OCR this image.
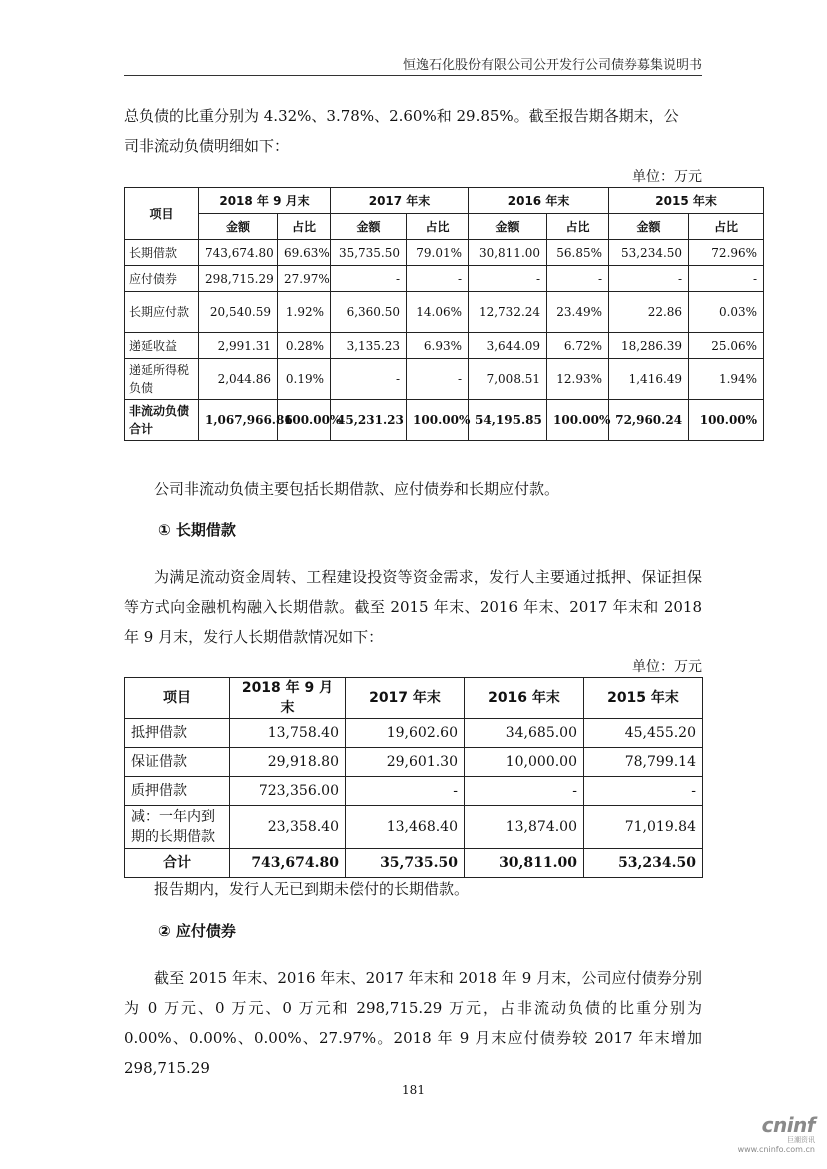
恒逸石化股份有限公司公开发行公司债券募集说明书

总负债的比重分别为 4.32%、3.78%、2.60%和 29.85%。截至报告期各期末，公

司非流动负债明细如下：

单位：万元
项目	2018 年 9 月末		2017 年末		2016 年末		2015 年末	
	金额	占比	金额	占比	金额	占比	金额	占比
长期借款	743,674.80	69.63%	35,735.50	79.01%	30,811.00	56.85%	53,234.50	72.96%
应付债券	298,715.29	27.97%	-	-	-	-	-	-
长期应付款	20,540.59	1.92%	6,360.50	14.06%	12,732.24	23.49%	22.86	0.03%
递延收益	2,991.31	0.28%	3,135.23	6.93%	3,644.09	6.72%	18,286.39	25.06%
递延所得税负债	2,044.86	0.19%	-	-	7,008.51	12.93%	1,416.49	1.94%
非流动负债合计	1,067,966.86	100.00%	45,231.23	100.00%	54,195.85	100.00%	72,960.24	100.00%

公司非流动负债主要包括长期借款、应付债券和长期应付款。

① 长期借款

为满足流动资金周转、工程建设投资等资金需求，发行人主要通过抵押、保证担保等方式向金融机构融入长期借款。截至 2015 年末、2016 年末、2017 年末和 2018 年 9 月末，发行人长期借款情况如下：

单位：万元
项目	2018 年 9 月末	2017 年末	2016 年末	2015 年末
抵押借款	13,758.40	19,602.60	34,685.00	45,455.20
保证借款	29,918.80	29,601.30	10,000.00	78,799.14
质押借款	723,356.00	-	-	-
减：一年内到期的长期借款	23,358.40	13,468.40	13,874.00	71,019.84
合计	743,674.80	35,735.50	30,811.00	53,234.50

报告期内，发行人无已到期未偿付的长期借款。

② 应付债券

截至 2015 年末、2016 年末、2017 年末和 2018 年 9 月末，公司应付债券分别为 0 万元、0 万元、0 万元和 298,715.29 万元，占非流动负债的比重分别为 0.00%、0.00%、0.00%、27.97%。2018 年 9 月末应付债券较 2017 年末增加 298,715.29

181
cninf
巨潮资讯
www.cninfo.com.cn
